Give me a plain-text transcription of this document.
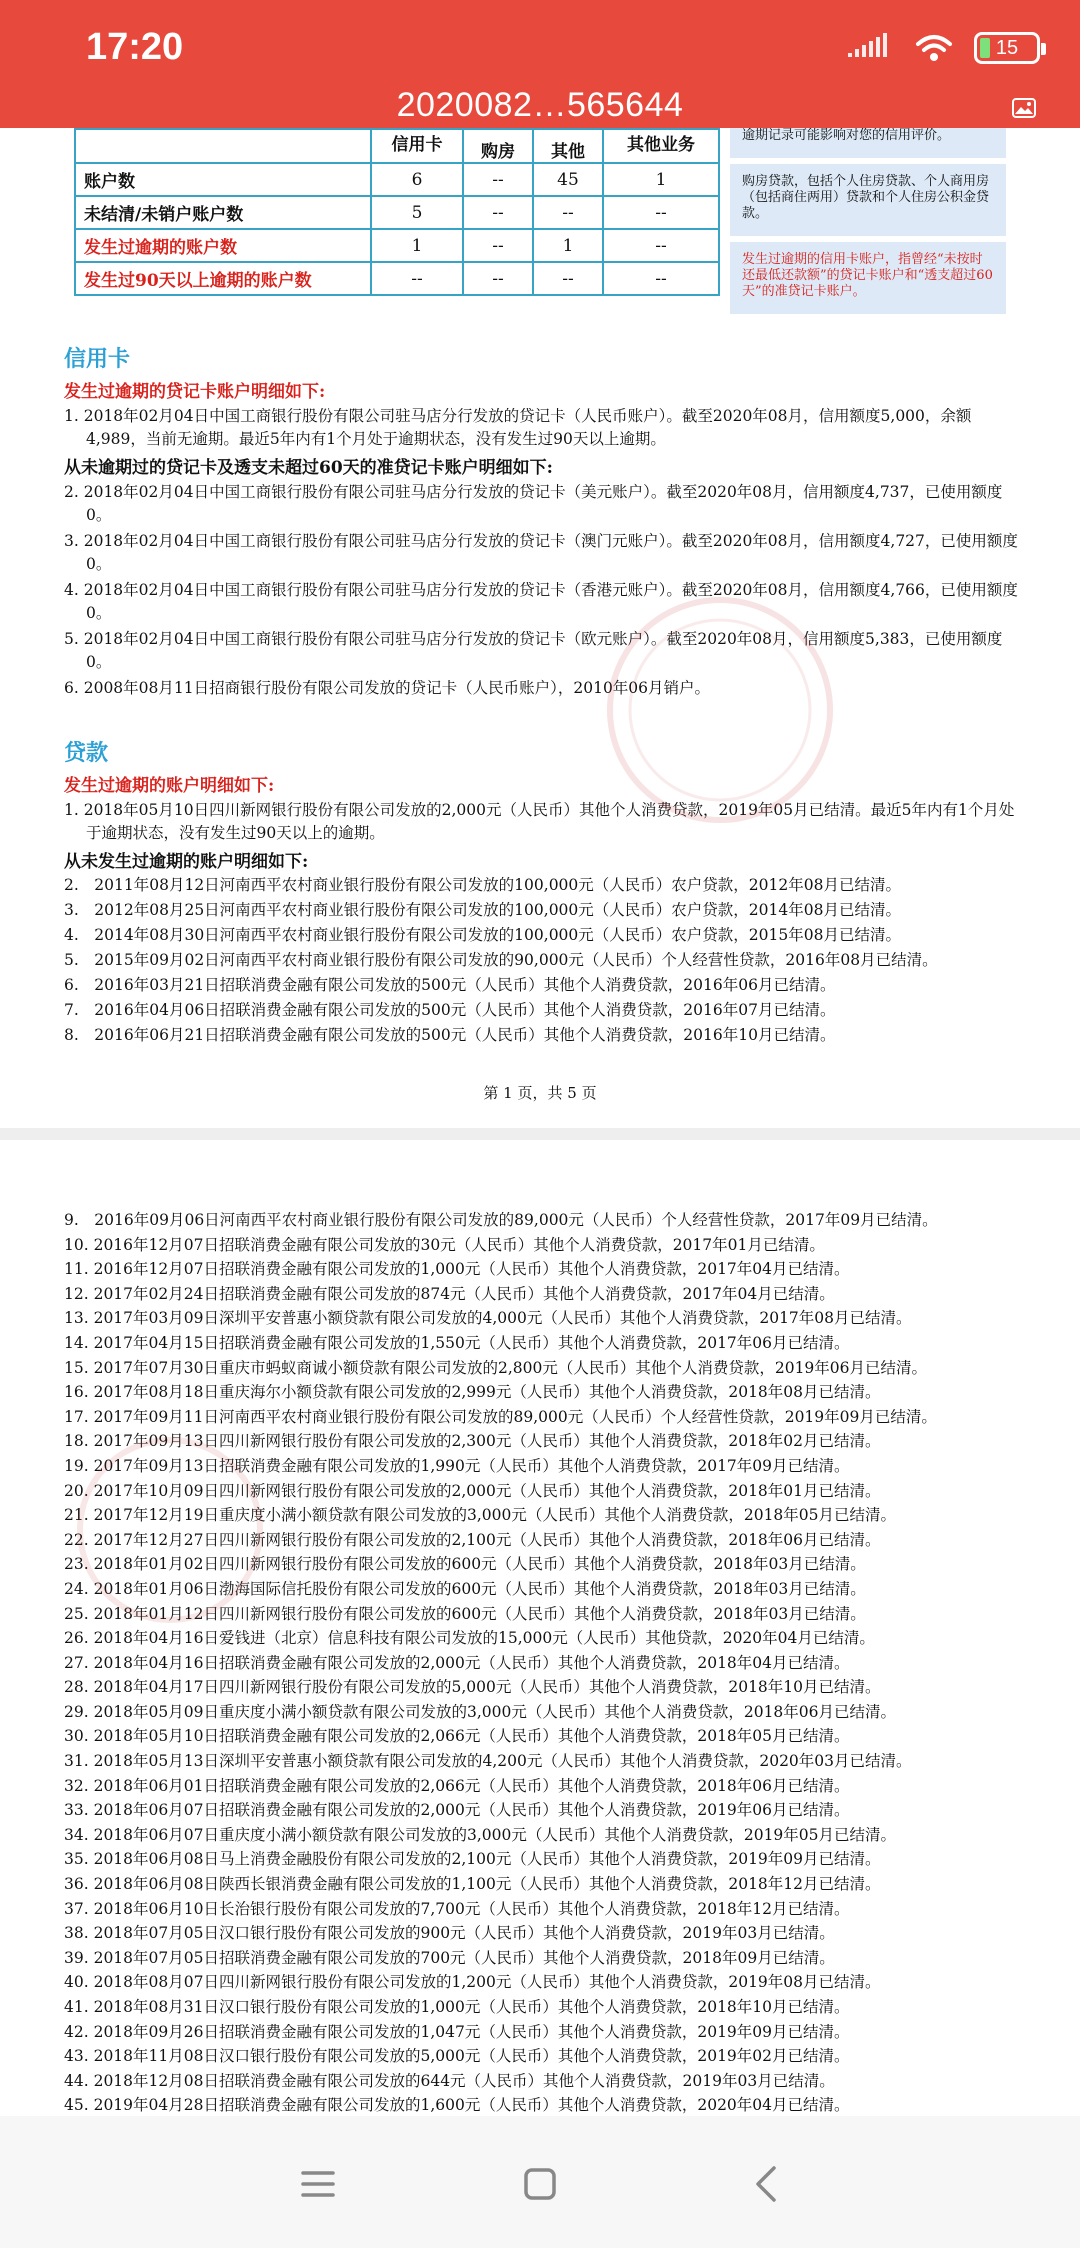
17:20	15
2020082…565644
	信用卡	购房	其他	其他业务
账户数	6	--	45	1
未结清/未销户账户数	5	--	--	--
发生过逾期的账户数	1	--	1	--
发生过90天以上逾期的账户数	--	--	--	--
逾期记录可能影响对您的信用评价。
购房贷款，包括个人住房贷款、个人商用房（包括商住两用）贷款和个人住房公积金贷款。
发生过逾期的信用卡账户，指曾经“未按时还最低还款额”的贷记卡账户和“透支超过60天”的准贷记卡账户。
信用卡
发生过逾期的贷记卡账户明细如下:
1. 2018年02月04日中国工商银行股份有限公司驻马店分行发放的贷记卡（人民币账户）。截至2020年08月，信用额度5,000，余额4,989，当前无逾期。最近5年内有1个月处于逾期状态，没有发生过90天以上逾期。
从未逾期过的贷记卡及透支未超过60天的准贷记卡账户明细如下:
2. 2018年02月04日中国工商银行股份有限公司驻马店分行发放的贷记卡（美元账户）。截至2020年08月，信用额度4,737，已使用额度0。
3. 2018年02月04日中国工商银行股份有限公司驻马店分行发放的贷记卡（澳门元账户）。截至2020年08月，信用额度4,727，已使用额度0。
4. 2018年02月04日中国工商银行股份有限公司驻马店分行发放的贷记卡（香港元账户）。截至2020年08月，信用额度4,766，已使用额度0。
5. 2018年02月04日中国工商银行股份有限公司驻马店分行发放的贷记卡（欧元账户）。截至2020年08月，信用额度5,383，已使用额度0。
6. 2008年08月11日招商银行股份有限公司发放的贷记卡（人民币账户），2010年06月销户。
贷款
发生过逾期的账户明细如下:
1. 2018年05月10日四川新网银行股份有限公司发放的2,000元（人民币）其他个人消费贷款，2019年05月已结清。最近5年内有1个月处于逾期状态，没有发生过90天以上的逾期。
从未发生过逾期的账户明细如下:
2.　2011年08月12日河南西平农村商业银行股份有限公司发放的100,000元（人民币）农户贷款，2012年08月已结清。
3.　2012年08月25日河南西平农村商业银行股份有限公司发放的100,000元（人民币）农户贷款，2014年08月已结清。
4.　2014年08月30日河南西平农村商业银行股份有限公司发放的100,000元（人民币）农户贷款，2015年08月已结清。
5.　2015年09月02日河南西平农村商业银行股份有限公司发放的90,000元（人民币）个人经营性贷款，2016年08月已结清。
6.　2016年03月21日招联消费金融有限公司发放的500元（人民币）其他个人消费贷款，2016年06月已结清。
7.　2016年04月06日招联消费金融有限公司发放的500元（人民币）其他个人消费贷款，2016年07月已结清。
8.　2016年06月21日招联消费金融有限公司发放的500元（人民币）其他个人消费贷款，2016年10月已结清。
第 1 页，共 5 页
9.　2016年09月06日河南西平农村商业银行股份有限公司发放的89,000元（人民币）个人经营性贷款，2017年09月已结清。
10. 2016年12月07日招联消费金融有限公司发放的30元（人民币）其他个人消费贷款，2017年01月已结清。
11. 2016年12月07日招联消费金融有限公司发放的1,000元（人民币）其他个人消费贷款，2017年04月已结清。
12. 2017年02月24日招联消费金融有限公司发放的874元（人民币）其他个人消费贷款，2017年04月已结清。
13. 2017年03月09日深圳平安普惠小额贷款有限公司发放的4,000元（人民币）其他个人消费贷款，2017年08月已结清。
14. 2017年04月15日招联消费金融有限公司发放的1,550元（人民币）其他个人消费贷款，2017年06月已结清。
15. 2017年07月30日重庆市蚂蚁商诚小额贷款有限公司发放的2,800元（人民币）其他个人消费贷款，2019年06月已结清。
16. 2017年08月18日重庆海尔小额贷款有限公司发放的2,999元（人民币）其他个人消费贷款，2018年08月已结清。
17. 2017年09月11日河南西平农村商业银行股份有限公司发放的89,000元（人民币）个人经营性贷款，2019年09月已结清。
18. 2017年09月13日四川新网银行股份有限公司发放的2,300元（人民币）其他个人消费贷款，2018年02月已结清。
19. 2017年09月13日招联消费金融有限公司发放的1,990元（人民币）其他个人消费贷款，2017年09月已结清。
20. 2017年10月09日四川新网银行股份有限公司发放的2,000元（人民币）其他个人消费贷款，2018年01月已结清。
21. 2017年12月19日重庆度小满小额贷款有限公司发放的3,000元（人民币）其他个人消费贷款，2018年05月已结清。
22. 2017年12月27日四川新网银行股份有限公司发放的2,100元（人民币）其他个人消费贷款，2018年06月已结清。
23. 2018年01月02日四川新网银行股份有限公司发放的600元（人民币）其他个人消费贷款，2018年03月已结清。
24. 2018年01月06日渤海国际信托股份有限公司发放的600元（人民币）其他个人消费贷款，2018年03月已结清。
25. 2018年01月12日四川新网银行股份有限公司发放的600元（人民币）其他个人消费贷款，2018年03月已结清。
26. 2018年04月16日爱钱进（北京）信息科技有限公司发放的15,000元（人民币）其他贷款，2020年04月已结清。
27. 2018年04月16日招联消费金融有限公司发放的2,000元（人民币）其他个人消费贷款，2018年04月已结清。
28. 2018年04月17日四川新网银行股份有限公司发放的5,000元（人民币）其他个人消费贷款，2018年10月已结清。
29. 2018年05月09日重庆度小满小额贷款有限公司发放的3,000元（人民币）其他个人消费贷款，2018年06月已结清。
30. 2018年05月10日招联消费金融有限公司发放的2,066元（人民币）其他个人消费贷款，2018年05月已结清。
31. 2018年05月13日深圳平安普惠小额贷款有限公司发放的4,200元（人民币）其他个人消费贷款，2020年03月已结清。
32. 2018年06月01日招联消费金融有限公司发放的2,066元（人民币）其他个人消费贷款，2018年06月已结清。
33. 2018年06月07日招联消费金融有限公司发放的2,000元（人民币）其他个人消费贷款，2019年06月已结清。
34. 2018年06月07日重庆度小满小额贷款有限公司发放的3,000元（人民币）其他个人消费贷款，2019年05月已结清。
35. 2018年06月08日马上消费金融股份有限公司发放的2,100元（人民币）其他个人消费贷款，2019年09月已结清。
36. 2018年06月08日陕西长银消费金融有限公司发放的1,100元（人民币）其他个人消费贷款，2018年12月已结清。
37. 2018年06月10日长治银行股份有限公司发放的7,700元（人民币）其他个人消费贷款，2018年12月已结清。
38. 2018年07月05日汉口银行股份有限公司发放的900元（人民币）其他个人消费贷款，2019年03月已结清。
39. 2018年07月05日招联消费金融有限公司发放的700元（人民币）其他个人消费贷款，2018年09月已结清。
40. 2018年08月07日四川新网银行股份有限公司发放的1,200元（人民币）其他个人消费贷款，2019年08月已结清。
41. 2018年08月31日汉口银行股份有限公司发放的1,000元（人民币）其他个人消费贷款，2018年10月已结清。
42. 2018年09月26日招联消费金融有限公司发放的1,047元（人民币）其他个人消费贷款，2019年09月已结清。
43. 2018年11月08日汉口银行股份有限公司发放的5,000元（人民币）其他个人消费贷款，2019年02月已结清。
44. 2018年12月08日招联消费金融有限公司发放的644元（人民币）其他个人消费贷款，2019年03月已结清。
45. 2019年04月28日招联消费金融有限公司发放的1,600元（人民币）其他个人消费贷款，2020年04月已结清。
